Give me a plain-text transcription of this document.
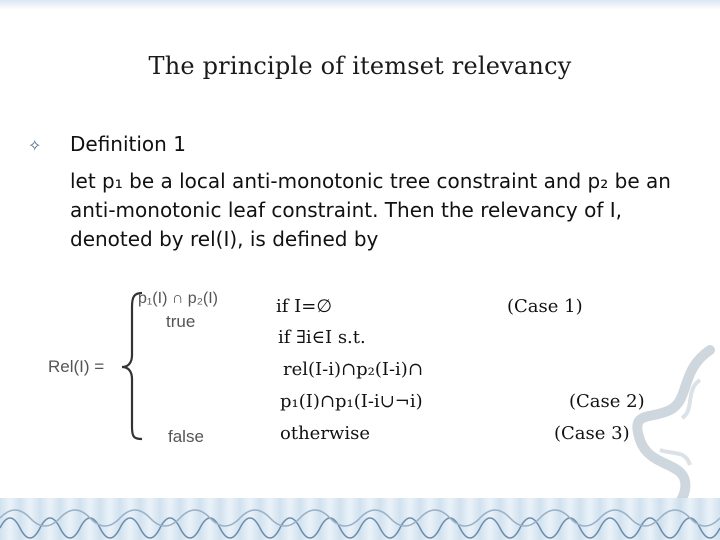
The principle of itemset relevancy
✧ Definition 1
let p₁ be a local anti-monotonic tree constraint and p₂ be an anti-monotonic leaf constraint. Then the relevancy of I, denoted by rel(I), is defined by
Rel(I) =
p₁(I) ∩ p₂(I)
true
false
if I=∅
if ∃i∈I s.t.
rel(I-i)∩p₂(I-i)∩
p₁(I)∩p₁(I-i∪¬i)
otherwise
(Case 1)
(Case 2)
(Case 3)
